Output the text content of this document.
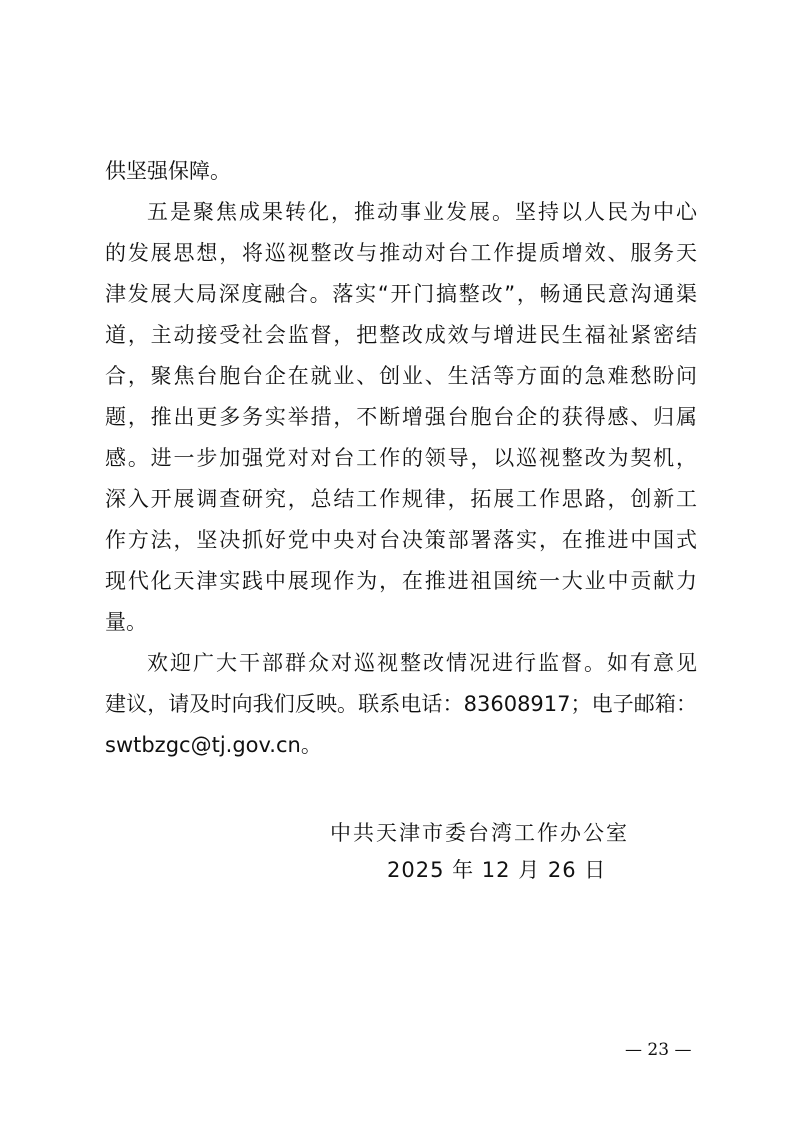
供坚强保障。
五是聚焦成果转化，推动事业发展。坚持以人民为中心
的发展思想，将巡视整改与推动对台工作提质增效、服务天
津发展大局深度融合。落实“开门搞整改”，畅通民意沟通渠
道，主动接受社会监督，把整改成效与增进民生福祉紧密结
合，聚焦台胞台企在就业、创业、生活等方面的急难愁盼问
题，推出更多务实举措，不断增强台胞台企的获得感、归属
感。进一步加强党对对台工作的领导，以巡视整改为契机，
深入开展调查研究，总结工作规律，拓展工作思路，创新工
作方法，坚决抓好党中央对台决策部署落实，在推进中国式
现代化天津实践中展现作为，在推进祖国统一大业中贡献力
量。
欢迎广大干部群众对巡视整改情况进行监督。如有意见
建议，请及时向我们反映。联系电话：83608917；电子邮箱：
swtbzgc@tj.gov.cn。
中共天津市委台湾工作办公室
2025 年 12 月 26 日
— 23 —
